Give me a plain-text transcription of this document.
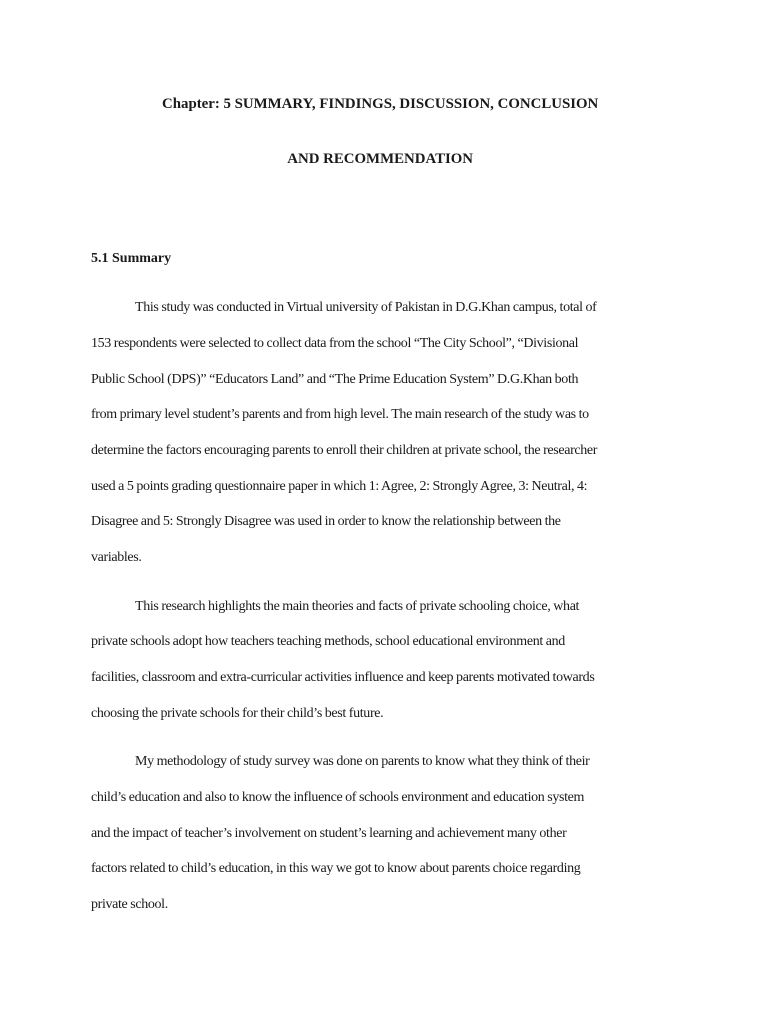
Chapter: 5 SUMMARY, FINDINGS, DISCUSSION, CONCLUSION
AND RECOMMENDATION
5.1 Summary
This study was conducted in Virtual university of Pakistan in D.G.Khan campus, total of
153 respondents were selected to collect data from the school “The City School”, “Divisional
Public School (DPS)” “Educators Land” and “The Prime Education System” D.G.Khan both
from primary level student’s parents and from high level. The main research of the study was to
determine the factors encouraging parents to enroll their children at private school, the researcher
used a 5 points grading questionnaire paper in which 1: Agree, 2: Strongly Agree, 3: Neutral, 4:
Disagree and 5: Strongly Disagree was used in order to know the relationship between the
variables.
This research highlights the main theories and facts of private schooling choice, what
private schools adopt how teachers teaching methods, school educational environment and
facilities, classroom and extra-curricular activities influence and keep parents motivated towards
choosing the private schools for their child’s best future.
My methodology of study survey was done on parents to know what they think of their
child’s education and also to know the influence of schools environment and education system
and the impact of teacher’s involvement on student’s learning and achievement many other
factors related to child’s education, in this way we got to know about parents choice regarding
private school.
